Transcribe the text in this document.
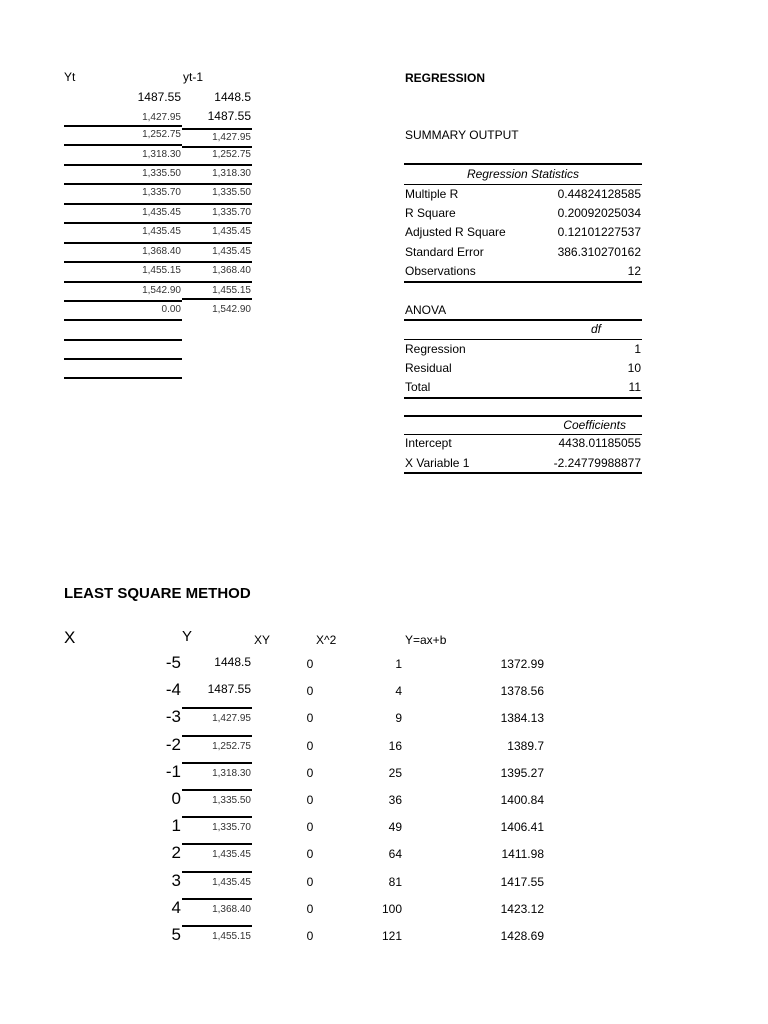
Yt	yt-1
1487.55	1448.5
1,427.95	1487.55
1,252.75	1,427.95
1,318.30	1,252.75
1,335.50	1,318.30
1,335.70	1,335.50
1,435.45	1,335.70
1,435.45	1,435.45
1,368.40	1,435.45
1,455.15	1,368.40
1,542.90	1,455.15
0.00	1,542.90
REGRESSION
SUMMARY OUTPUT
Regression Statistics
Multiple R	0.44824128585
R Square	0.20092025034
Adjusted R Square	0.12101227537
Standard Error	386.310270162
Observations	12
ANOVA
df
Regression	1
Residual	10
Total	11
Coefficients
Intercept	4438.01185055
X Variable 1	-2.24779988877
LEAST SQUARE METHOD
X	Y	XY	X^2	Y=ax+b
-5	1448.5	0	1	1372.99
-4	1487.55	0	4	1378.56
-3	1,427.95	0	9	1384.13
-2	1,252.75	0	16	1389.7
-1	1,318.30	0	25	1395.27
0	1,335.50	0	36	1400.84
1	1,335.70	0	49	1406.41
2	1,435.45	0	64	1411.98
3	1,435.45	0	81	1417.55
4	1,368.40	0	100	1423.12
5	1,455.15	0	121	1428.69
